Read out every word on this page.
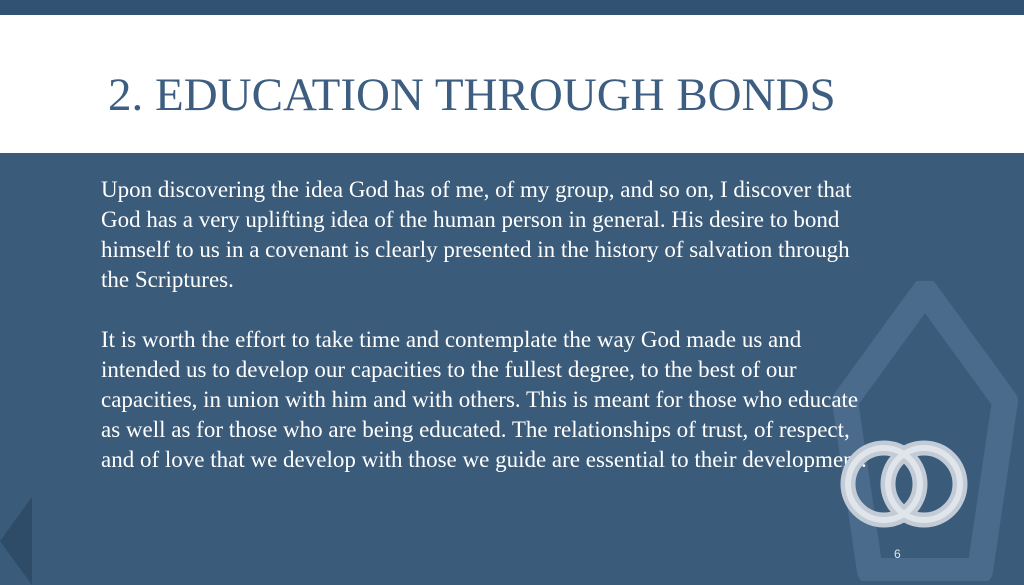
2. EDUCATION THROUGH BONDS

Upon discovering the idea God has of me, of my group, and so on, I discover that God has a very uplifting idea of the human person in general. His desire to bond himself to us in a covenant is clearly presented in the history of salvation through the Scriptures.

It is worth the effort to take time and contemplate the way God made us and intended us to develop our capacities to the fullest degree, to the best of our capacities, in union with him and with others. This is meant for those who educate as well as for those who are being educated. The relationships of trust, of respect, and of love that we develop with those we guide are essential to their development.

6
